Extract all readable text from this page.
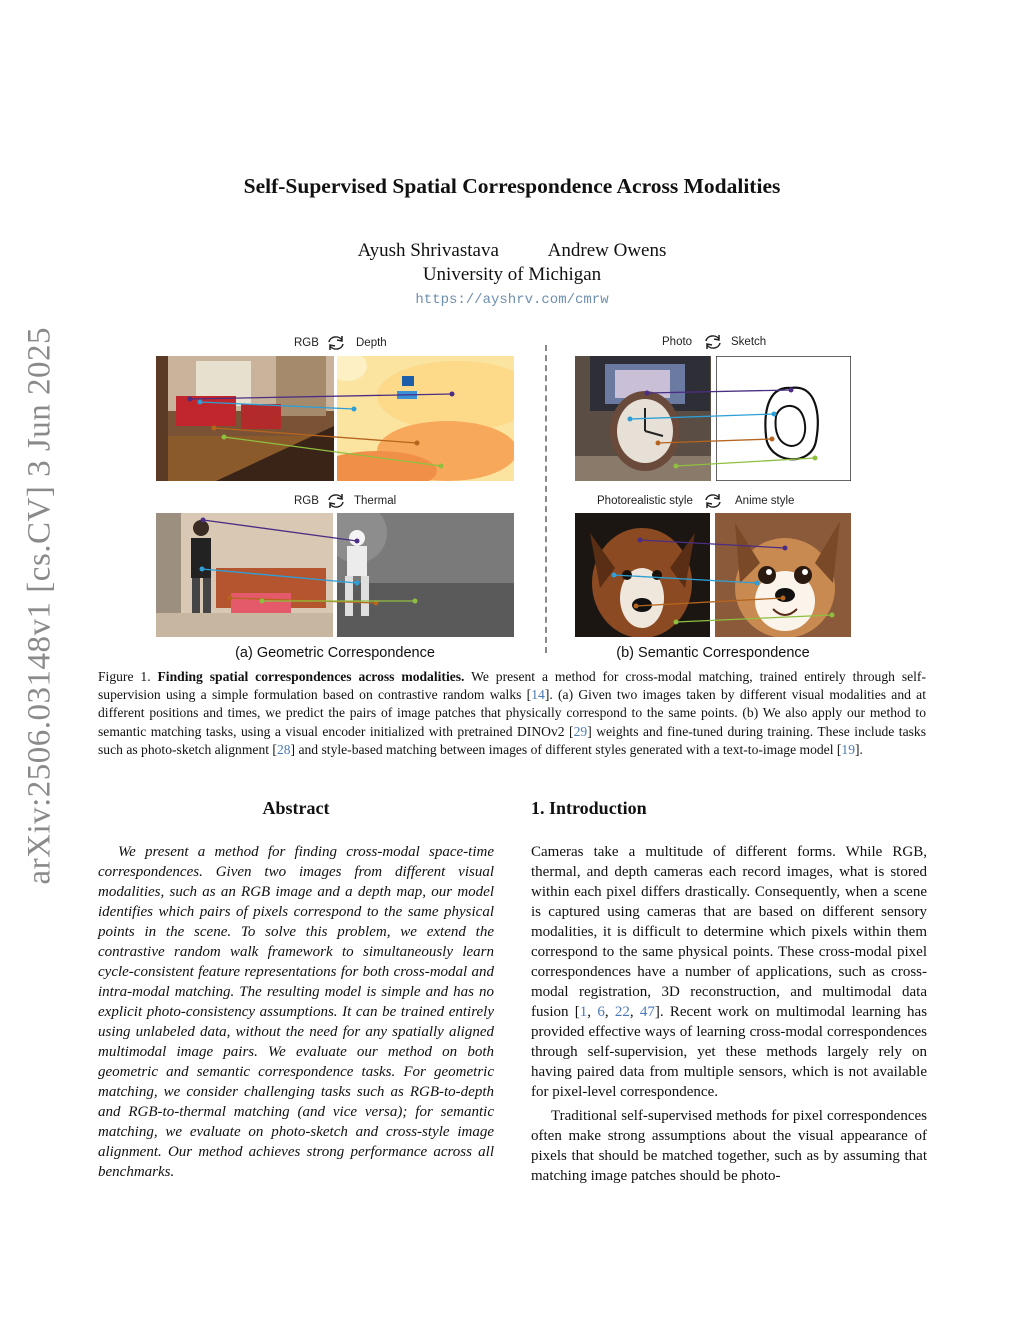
arXiv:2506.03148v1 [cs.CV] 3 Jun 2025
Self-Supervised Spatial Correspondence Across Modalities
Ayush Shrivastava	Andrew Owens
University of Michigan
https://ayshrv.com/cmrw
RGB	Depth
RGB	Thermal
Photo	Sketch
Photorealistic style	Anime style
(a) Geometric Correspondence	(b) Semantic Correspondence
Figure 1. Finding spatial correspondences across modalities. We present a method for cross-modal matching, trained entirely through self-supervision using a simple formulation based on contrastive random walks [14]. (a) Given two images taken by different visual modalities and at different positions and times, we predict the pairs of image patches that physically correspond to the same points. (b) We also apply our method to semantic matching tasks, using a visual encoder initialized with pretrained DINOv2 [29] weights and fine-tuned during training. These include tasks such as photo-sketch alignment [28] and style-based matching between images of different styles generated with a text-to-image model [19].
Abstract

We present a method for finding cross-modal space-time correspondences. Given two images from different visual modalities, such as an RGB image and a depth map, our model identifies which pairs of pixels correspond to the same physical points in the scene. To solve this problem, we extend the contrastive random walk framework to simultaneously learn cycle-consistent feature representations for both cross-modal and intra-modal matching. The resulting model is simple and has no explicit photo-consistency assumptions. It can be trained entirely using unlabeled data, without the need for any spatially aligned multimodal image pairs. We evaluate our method on both geometric and semantic correspondence tasks. For geometric matching, we consider challenging tasks such as RGB-to-depth and RGB-to-thermal matching (and vice versa); for semantic matching, we evaluate on photo-sketch and cross-style image alignment. Our method achieves strong performance across all benchmarks.

1. Introduction

Cameras take a multitude of different forms. While RGB, thermal, and depth cameras each record images, what is stored within each pixel differs drastically. Consequently, when a scene is captured using cameras that are based on different sensory modalities, it is difficult to determine which pixels within them correspond to the same physical points. These cross-modal pixel correspondences have a number of applications, such as cross-modal registration, 3D reconstruction, and multimodal data fusion [1, 6, 22, 47]. Recent work on multimodal learning has provided effective ways of learning cross-modal correspondences through self-supervision, yet these methods largely rely on having paired data from multiple sensors, which is not available for pixel-level correspondence.

Traditional self-supervised methods for pixel correspondences often make strong assumptions about the visual appearance of pixels that should be matched together, such as by assuming that matching image patches should be photo-
